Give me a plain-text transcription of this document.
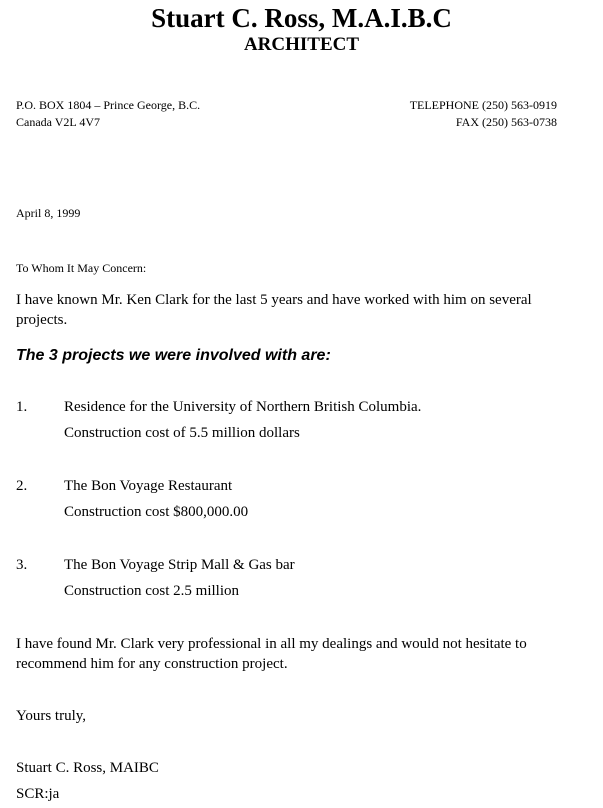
Stuart C. Ross, M.A.I.B.C
ARCHITECT
P.O. BOX 1804 – Prince George, B.C.
Canada V2L 4V7
TELEPHONE (250) 563-0919
FAX (250) 563-0738
April 8, 1999
To Whom It May Concern:
I have known Mr. Ken Clark for the last 5 years and have worked with him on several projects.
The 3 projects we were involved with are:
1. Residence for the University of Northern British Columbia.
Construction cost of 5.5 million dollars
2. The Bon Voyage Restaurant
Construction cost $800,000.00
3. The Bon Voyage Strip Mall & Gas bar
Construction cost 2.5 million
I have found Mr. Clark very professional in all my dealings and would not hesitate to recommend him for any construction project.
Yours truly,
Stuart C. Ross, MAIBC
SCR:ja
